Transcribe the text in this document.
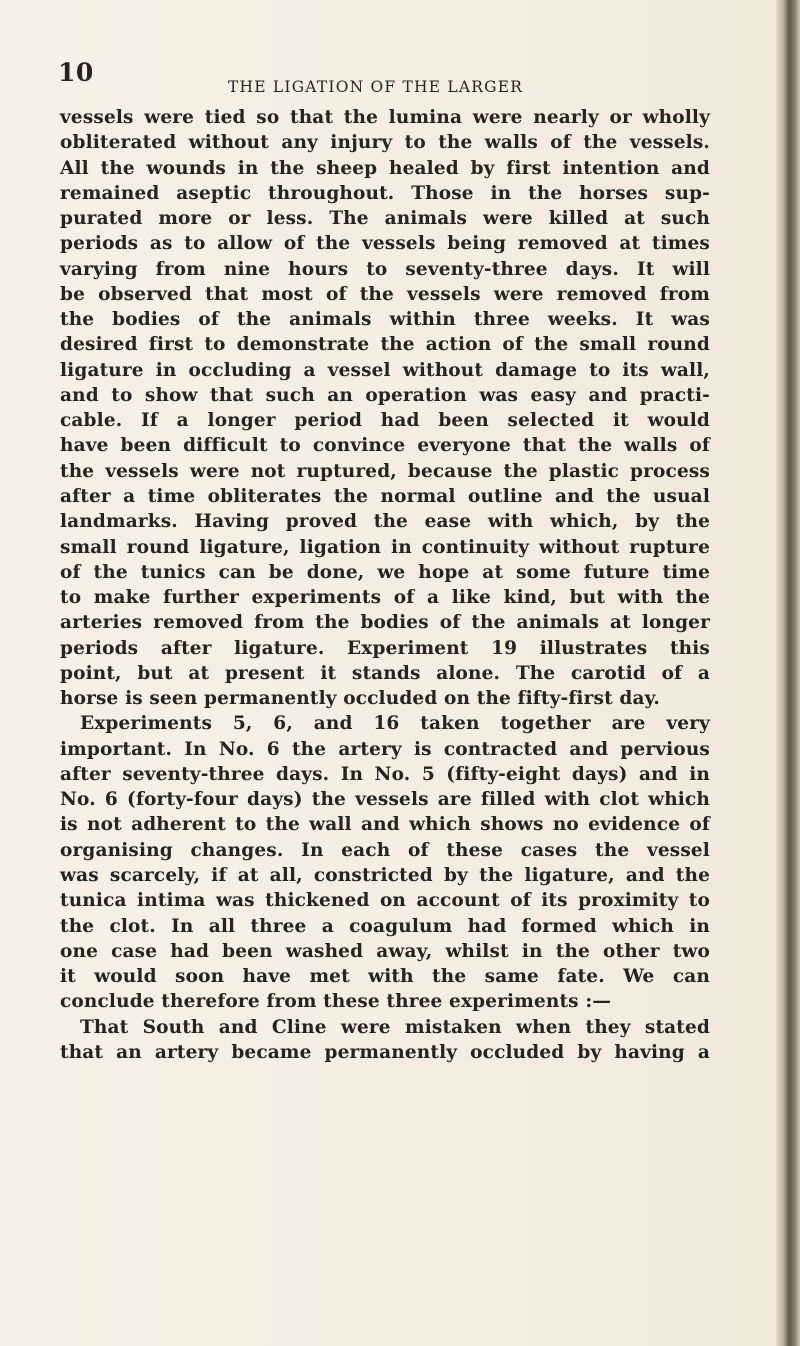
10	THE LIGATION OF THE LARGER
vessels were tied so that the lumina were nearly or wholly
obliterated without any injury to the walls of the vessels.
All the wounds in the sheep healed by first intention and
remained aseptic throughout. Those in the horses sup-
purated more or less. The animals were killed at such
periods as to allow of the vessels being removed at times
varying from nine hours to seventy-three days. It will
be observed that most of the vessels were removed from
the bodies of the animals within three weeks. It was
desired first to demonstrate the action of the small round
ligature in occluding a vessel without damage to its wall,
and to show that such an operation was easy and practi-
cable. If a longer period had been selected it would
have been difficult to convince everyone that the walls of
the vessels were not ruptured, because the plastic process
after a time obliterates the normal outline and the usual
landmarks. Having proved the ease with which, by the
small round ligature, ligation in continuity without rupture
of the tunics can be done, we hope at some future time
to make further experiments of a like kind, but with the
arteries removed from the bodies of the animals at longer
periods after ligature. Experiment 19 illustrates this
point, but at present it stands alone. The carotid of a
horse is seen permanently occluded on the fifty-first day.
Experiments 5, 6, and 16 taken together are very
important. In No. 6 the artery is contracted and pervious
after seventy-three days. In No. 5 (fifty-eight days) and in
No. 6 (forty-four days) the vessels are filled with clot which
is not adherent to the wall and which shows no evidence of
organising changes. In each of these cases the vessel
was scarcely, if at all, constricted by the ligature, and the
tunica intima was thickened on account of its proximity to
the clot. In all three a coagulum had formed which in
one case had been washed away, whilst in the other two
it would soon have met with the same fate. We can
conclude therefore from these three experiments :—
That South and Cline were mistaken when they stated
that an artery became permanently occluded by having a
